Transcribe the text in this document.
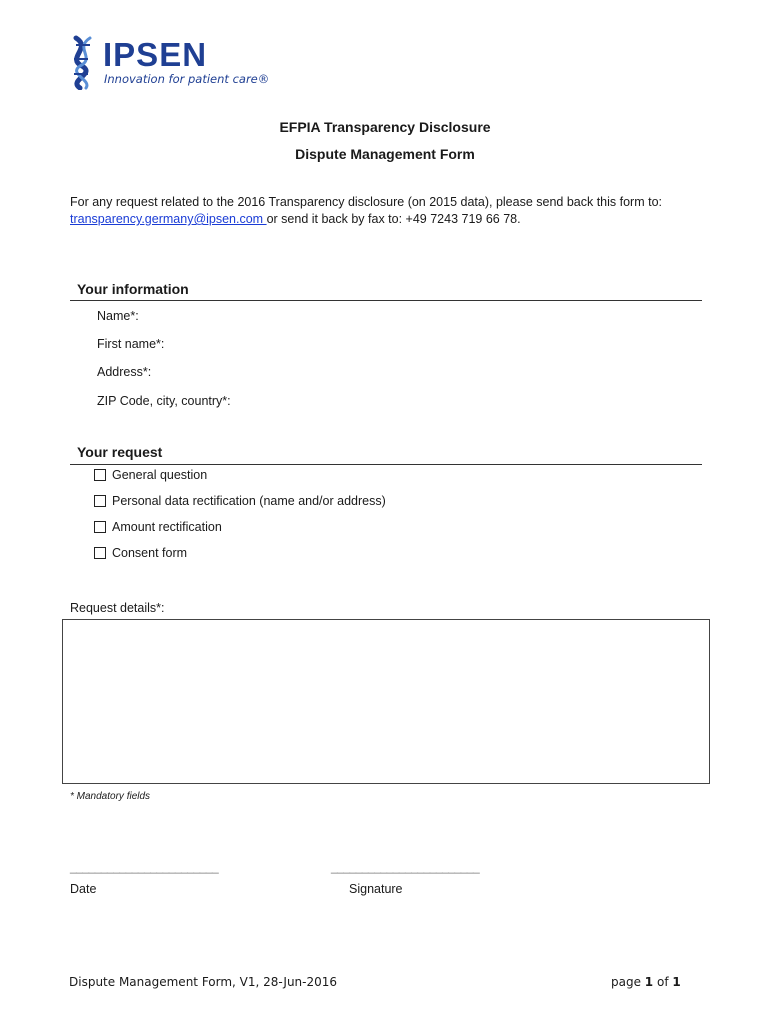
IPSEN
Innovation for patient care®
EFPIA Transparency Disclosure
Dispute Management Form
For any request related to the 2016 Transparency disclosure (on 2015 data), please send back this form to:
transparency.germany@ipsen.com or send it back by fax to: +49 7243 719 66 78.
Your information
Name*:
First name*:
Address*:
ZIP Code, city, country*:
Your request
General question
Personal data rectification (name and/or address)
Amount rectification
Consent form
Request details*:
* Mandatory fields
________________________	________________________
Date	Signature
Dispute Management Form, V1, 28-Jun-2016	page 1 of 1
